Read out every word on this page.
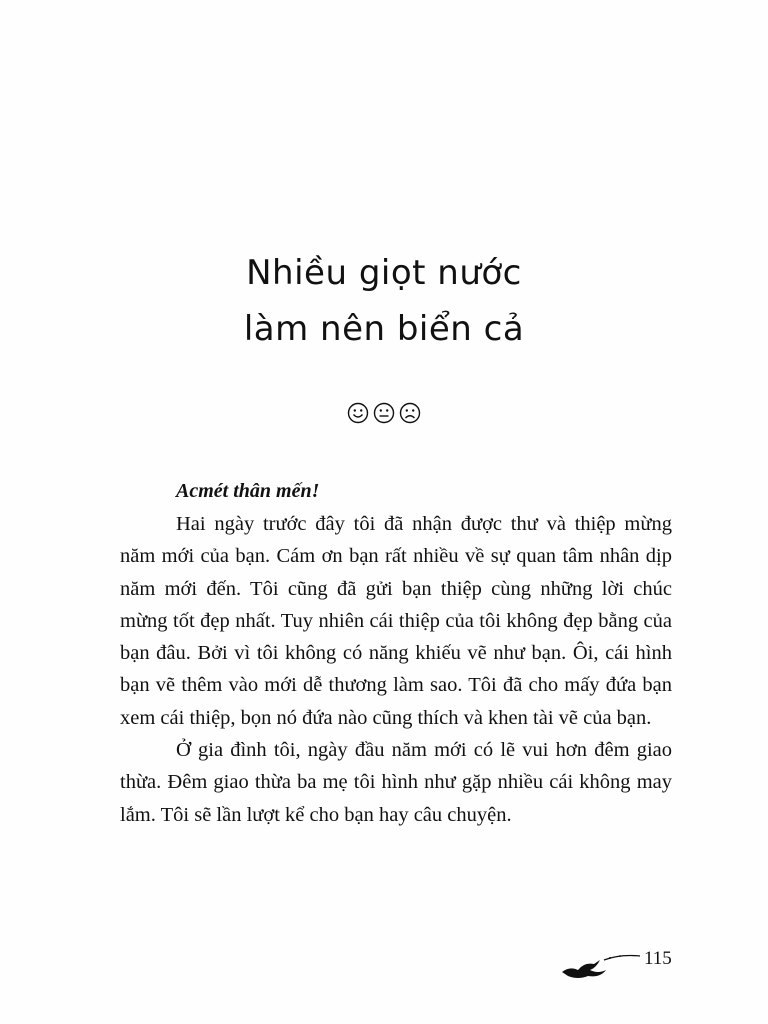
Nhiều giọt nước
làm nên biển cả

Acmét thân mến!

Hai ngày trước đây tôi đã nhận được thư và thiệp mừng năm mới của bạn. Cám ơn bạn rất nhiều về sự quan tâm nhân dịp năm mới đến. Tôi cũng đã gửi bạn thiệp cùng những lời chúc mừng tốt đẹp nhất. Tuy nhiên cái thiệp của tôi không đẹp bằng của bạn đâu. Bởi vì tôi không có năng khiếu vẽ như bạn. Ôi, cái hình bạn vẽ thêm vào mới dễ thương làm sao. Tôi đã cho mấy đứa bạn xem cái thiệp, bọn nó đứa nào cũng thích và khen tài vẽ của bạn.

Ở gia đình tôi, ngày đầu năm mới có lẽ vui hơn đêm giao thừa. Đêm giao thừa ba mẹ tôi hình như gặp nhiều cái không may lắm. Tôi sẽ lần lượt kể cho bạn hay câu chuyện.

115
